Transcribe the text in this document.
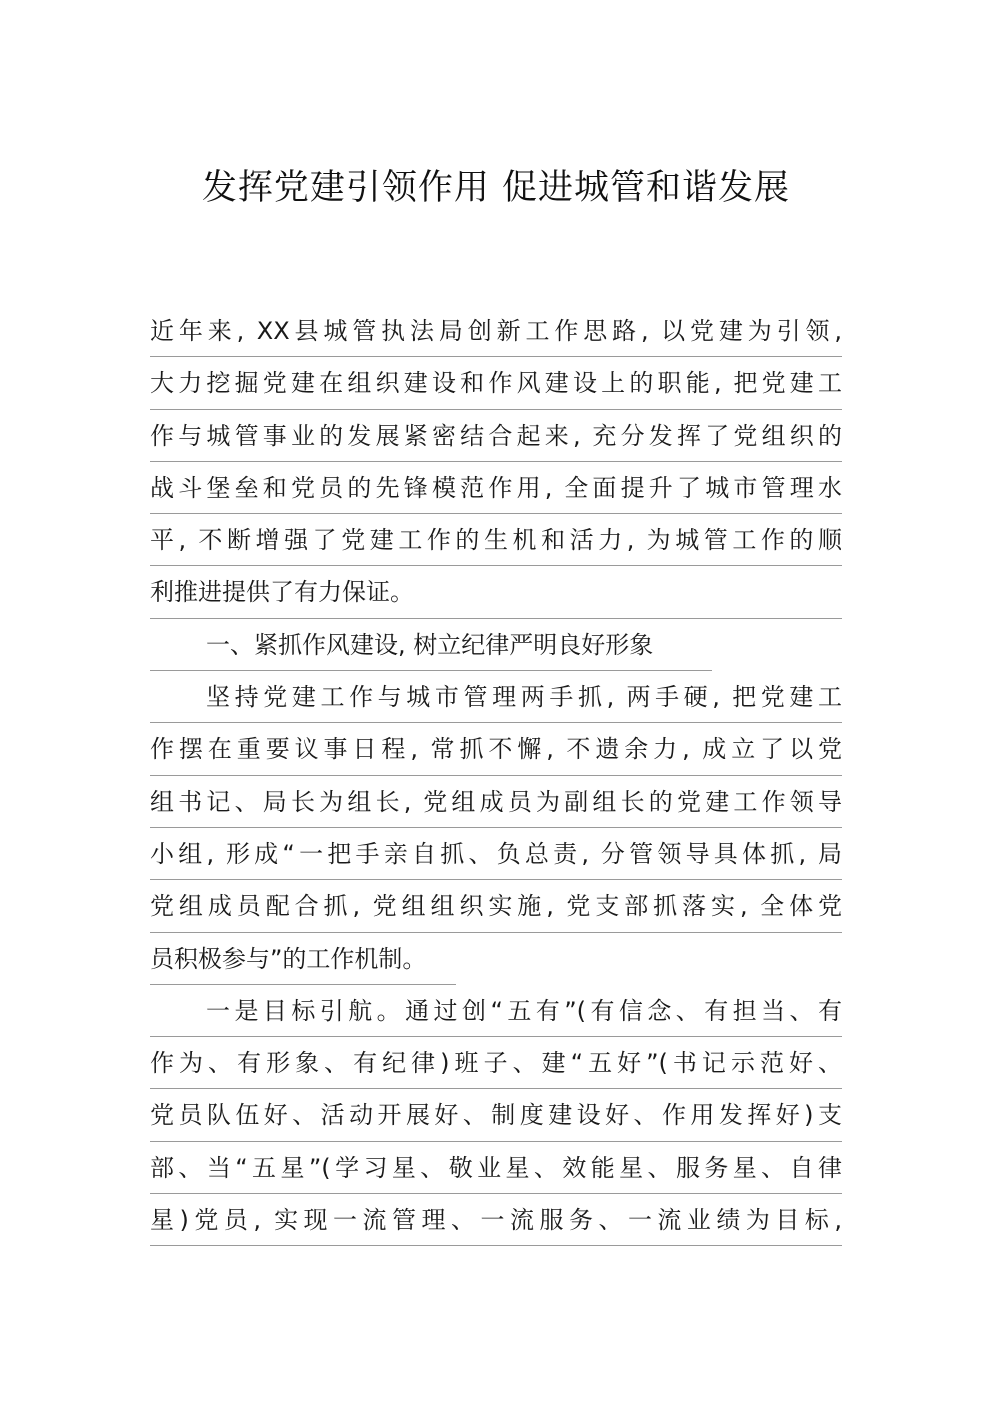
发挥党建引领作用 促进城管和谐发展
近年来, XX县城管执法局创新工作思路, 以党建为引领,
大力挖掘党建在组织建设和作风建设上的职能, 把党建工
作与城管事业的发展紧密结合起来, 充分发挥了党组织的
战斗堡垒和党员的先锋模范作用, 全面提升了城市管理水
平, 不断增强了党建工作的生机和活力, 为城管工作的顺
利推进提供了有力保证。
一、紧抓作风建设, 树立纪律严明良好形象
坚持党建工作与城市管理两手抓, 两手硬, 把党建工
作摆在重要议事日程, 常抓不懈, 不遗余力, 成立了以党
组书记、局长为组长, 党组成员为副组长的党建工作领导
小组, 形成“一把手亲自抓、负总责, 分管领导具体抓, 局
党组成员配合抓, 党组组织实施, 党支部抓落实, 全体党
员积极参与”的工作机制。
一是目标引航。通过创“五有”(有信念、有担当、有
作为、有形象、有纪律)班子、建“五好”(书记示范好、
党员队伍好、活动开展好、制度建设好、作用发挥好)支
部、当“五星”(学习星、敬业星、效能星、服务星、自律
星)党员, 实现一流管理、一流服务、一流业绩为目标,
